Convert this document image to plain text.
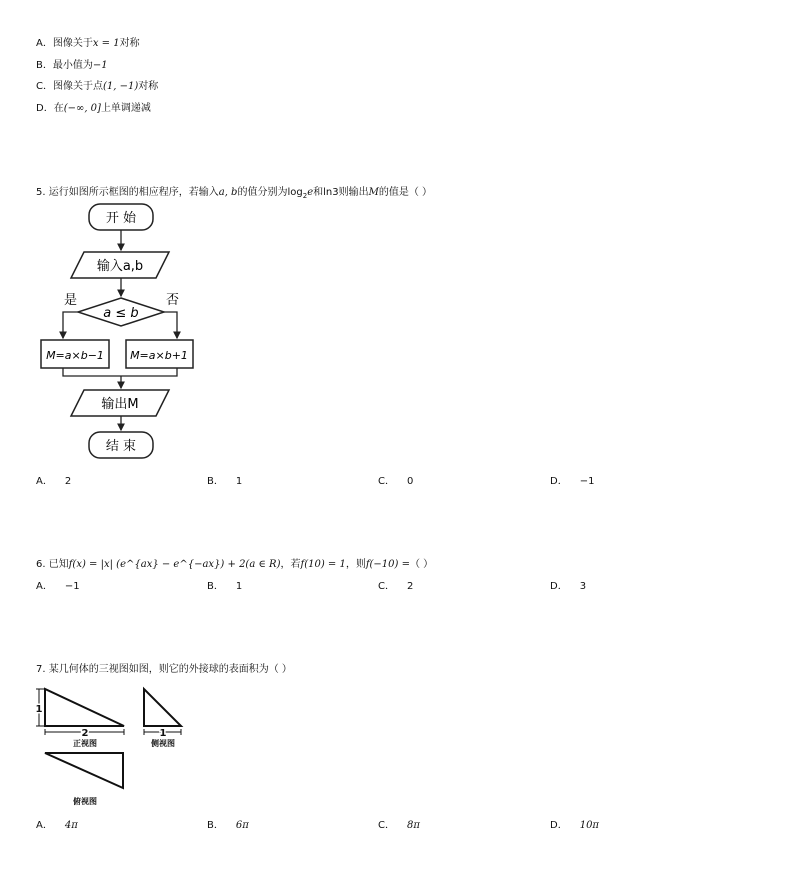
A．图像关于x = 1对称
B．最小值为−1
C．图像关于点(1, −1)对称
D．在(−∞, 0]上单调递减
5. 运行如图所示框图的相应程序，若输入a, b的值分别为$\log_2e$和ln3则输出M的值是（ ）
开 始
输入a,b
a ≤ b
是	否
M=a×b−1 M=a×b+1
输出M
结 束
A． 2	B． 1	C． 0	D． −1
6. 已知f(x) = |x| (e^{ax} − e^{−ax}) + 2(a ∈ R)，若f(10) = 1，则f(−10) =（ ）
A． −1	B． 1	C． 2	D． 3
7. 某几何体的三视图如图，则它的外接球的表面积为（ ）
1
2
正视图
1
侧视图
俯视图
A． 4π	B． 6π	C． 8π	D． 10π
